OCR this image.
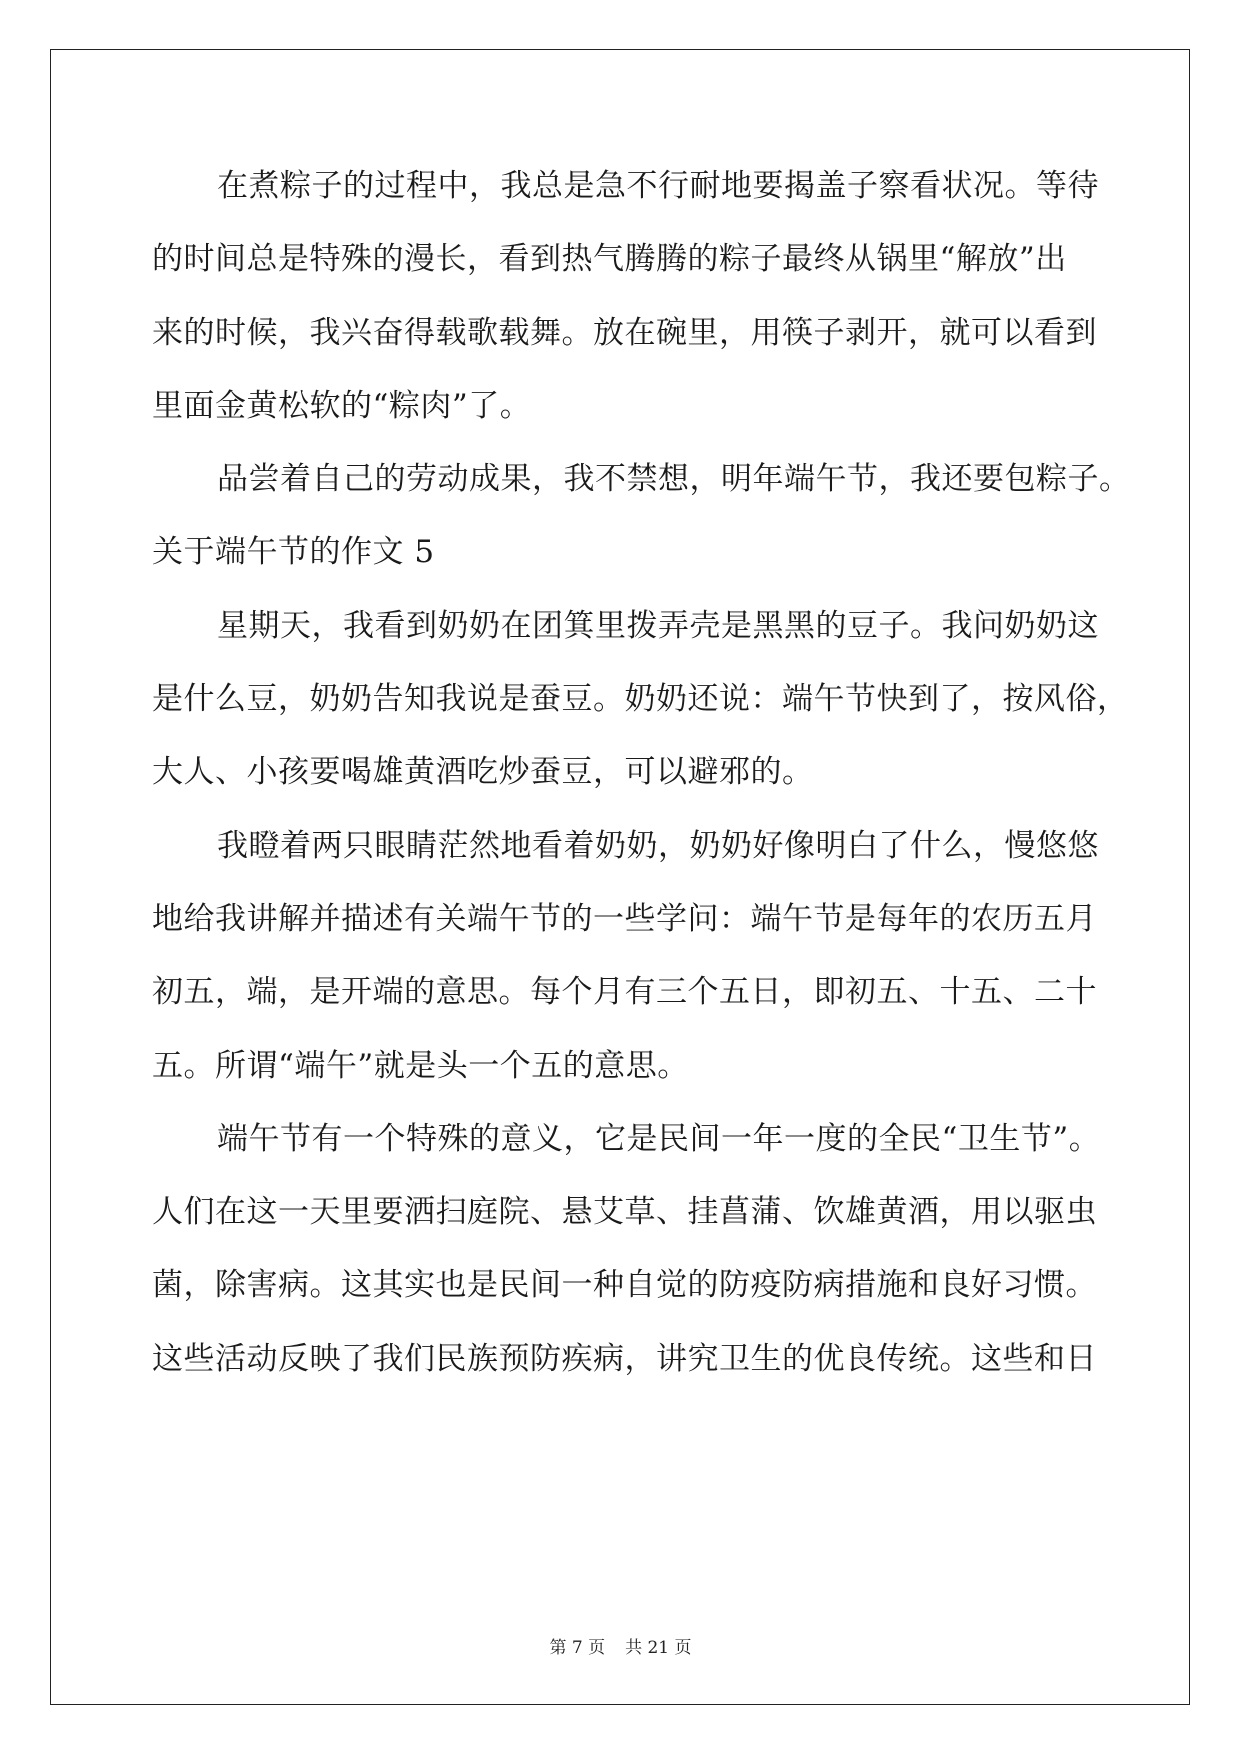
在煮粽子的过程中，我总是急不行耐地要揭盖子察看状况。等待
的时间总是特殊的漫长，看到热气腾腾的粽子最终从锅里“解放”出
来的时候，我兴奋得载歌载舞。放在碗里，用筷子剥开，就可以看到
里面金黄松软的“粽肉”了。
品尝着自己的劳动成果，我不禁想，明年端午节，我还要包粽子。
关于端午节的作文 5
星期天，我看到奶奶在团箕里拨弄壳是黑黑的豆子。我问奶奶这
是什么豆，奶奶告知我说是蚕豆。奶奶还说：端午节快到了，按风俗，
大人、小孩要喝雄黄酒吃炒蚕豆，可以避邪的。
我瞪着两只眼睛茫然地看着奶奶，奶奶好像明白了什么，慢悠悠
地给我讲解并描述有关端午节的一些学问：端午节是每年的农历五月
初五，端，是开端的意思。每个月有三个五日，即初五、十五、二十
五。所谓“端午”就是头一个五的意思。
端午节有一个特殊的意义，它是民间一年一度的全民“卫生节”。
人们在这一天里要洒扫庭院、悬艾草、挂菖蒲、饮雄黄酒，用以驱虫
菌，除害病。这其实也是民间一种自觉的防疫防病措施和良好习惯。
这些活动反映了我们民族预防疾病，讲究卫生的优良传统。这些和日
第 7 页 共 21 页
